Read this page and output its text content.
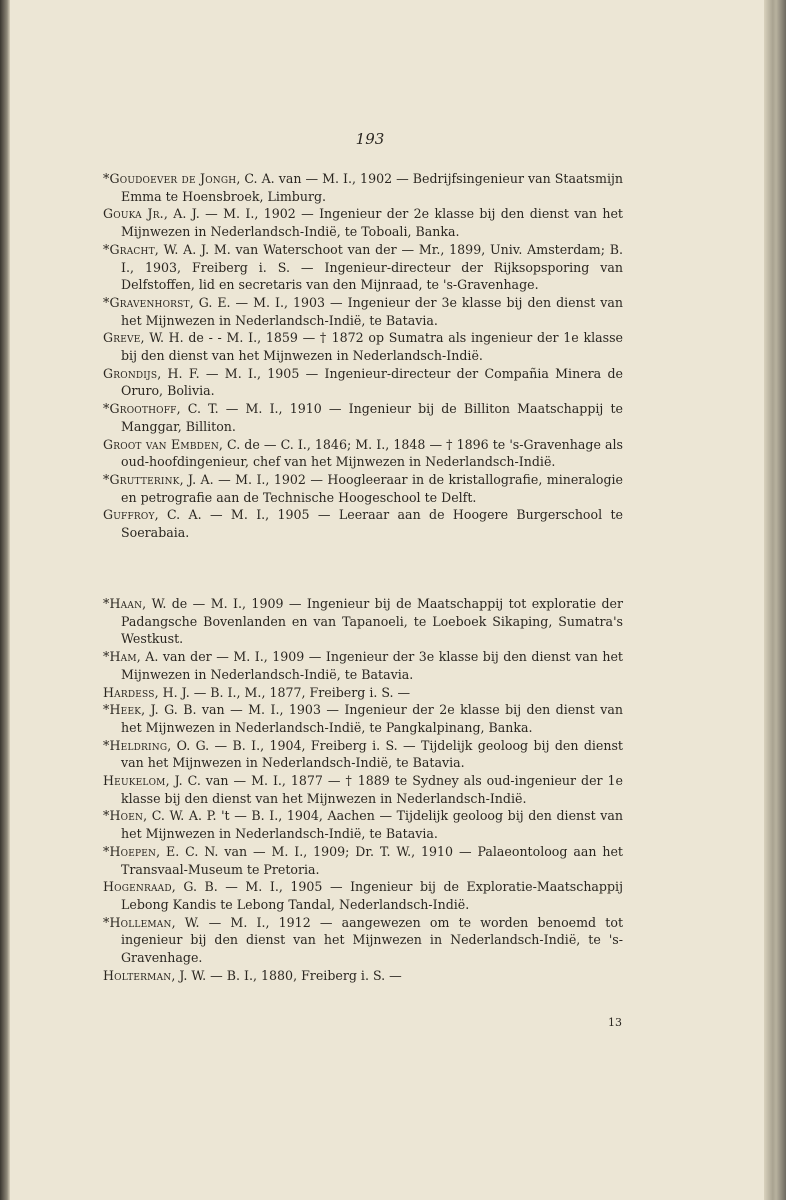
193
*Goudoever de Jongh, C. A. van — M. I., 1902 — Bedrijfsingenieur van Staatsmijn Emma te Hoensbroek, Limburg.
Gouka Jr., A. J. — M. I., 1902 — Ingenieur der 2e klasse bij den dienst van het Mijnwezen in Nederlandsch-Indië, te Toboali, Banka.
*Gracht, W. A. J. M. van Waterschoot van der — Mr., 1899, Univ. Amsterdam; B. I., 1903, Freiberg i. S. — Ingenieur-directeur der Rijksopsporing van Delfstoffen, lid en secretaris van den Mijnraad, te 's-Gravenhage.
*Gravenhorst, G. E. — M. I., 1903 — Ingenieur der 3e klasse bij den dienst van het Mijnwezen in Nederlandsch-Indië, te Batavia.
Greve, W. H. de - - M. I., 1859 — † 1872 op Sumatra als ingenieur der 1e klasse bij den dienst van het Mijnwezen in Nederlandsch-Indië.
Grondijs, H. F. — M. I., 1905 — Ingenieur-directeur der Compañia Minera de Oruro, Bolivia.
*Groothoff, C. T. — M. I., 1910 — Ingenieur bij de Billiton Maatschappij te Manggar, Billiton.
Groot van Embden, C. de — C. I., 1846; M. I., 1848 — † 1896 te 's-Gravenhage als oud-hoofdingenieur, chef van het Mijnwezen in Nederlandsch-Indië.
*Grutterink, J. A. — M. I., 1902 — Hoogleeraar in de kristallografie, mineralogie en petrografie aan de Technische Hoogeschool te Delft.
Guffroy, C. A. — M. I., 1905 — Leeraar aan de Hoogere Burgerschool te Soerabaia.
*Haan, W. de — M. I., 1909 — Ingenieur bij de Maatschappij tot exploratie der Padangsche Bovenlanden en van Tapanoeli, te Loeboek Sikaping, Sumatra's Westkust.
*Ham, A. van der — M. I., 1909 — Ingenieur der 3e klasse bij den dienst van het Mijnwezen in Nederlandsch-Indië, te Batavia.
Hardess, H. J. — B. I., M., 1877, Freiberg i. S. —
*Heek, J. G. B. van — M. I., 1903 — Ingenieur der 2e klasse bij den dienst van het Mijnwezen in Nederlandsch-Indië, te Pangkalpinang, Banka.
*Heldring, O. G. — B. I., 1904, Freiberg i. S. — Tijdelijk geoloog bij den dienst van het Mijnwezen in Nederlandsch-Indië, te Batavia.
Heukelom, J. C. van — M. I., 1877 — † 1889 te Sydney als oud-ingenieur der 1e klasse bij den dienst van het Mijnwezen in Nederlandsch-Indië.
*Hoen, C. W. A. P. 't — B. I., 1904, Aachen — Tijdelijk geoloog bij den dienst van het Mijnwezen in Nederlandsch-Indië, te Batavia.
*Hoepen, E. C. N. van — M. I., 1909; Dr. T. W., 1910 — Palaeontoloog aan het Transvaal-Museum te Pretoria.
Hogenraad, G. B. — M. I., 1905 — Ingenieur bij de Exploratie-Maatschappij Lebong Kandis te Lebong Tandal, Nederlandsch-Indië.
*Holleman, W. — M. I., 1912 — aangewezen om te worden benoemd tot ingenieur bij den dienst van het Mijnwezen in Nederlandsch-Indië, te 's-Gravenhage.
Holterman, J. W. — B. I., 1880, Freiberg i. S. —
13
